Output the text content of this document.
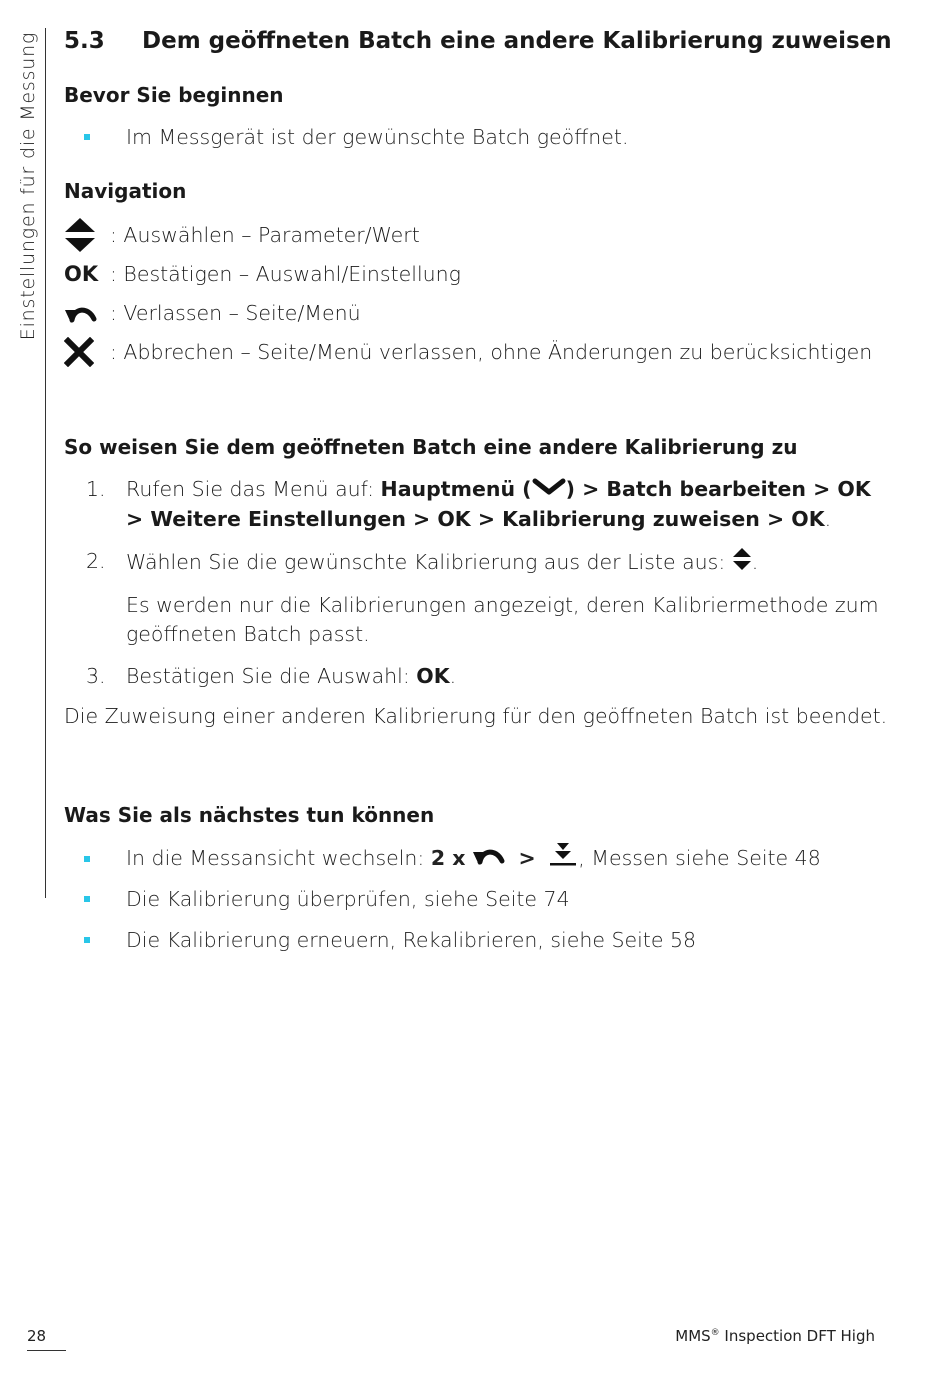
Einstellungen für die Messung 5.3	Dem geöffneten Batch eine andere Kalibrierung zuweisen
Bevor Sie beginnen
Im Messgerät ist der gewünschte Batch geöffnet.
Navigation
: Auswählen – Parameter/Wert
OK : Bestätigen – Auswahl/Einstellung
: Verlassen – Seite/Menü
: Abbrechen – Seite/Menü verlassen, ohne Änderungen zu berücksichtigen
So weisen Sie dem geöffneten Batch eine andere Kalibrierung zu
1. Rufen Sie das Menü auf: Hauptmenü ( ) > Batch bearbeiten > OK > Weitere Einstellungen > OK > Kalibrierung zuweisen > OK.
2. Wählen Sie die gewünschte Kalibrierung aus der Liste aus: .
Es werden nur die Kalibrierungen angezeigt, deren Kalibriermethode zum geöffneten Batch passt.
3. Bestätigen Sie die Auswahl: OK.
Die Zuweisung einer anderen Kalibrierung für den geöffneten Batch ist beendet.
Was Sie als nächstes tun können
In die Messansicht wechseln: 2 x	> , Messen siehe Seite 48
Die Kalibrierung überprüfen, siehe Seite 74
Die Kalibrierung erneuern, Rekalibrieren, siehe Seite 58
28	MMS® Inspection DFT High
